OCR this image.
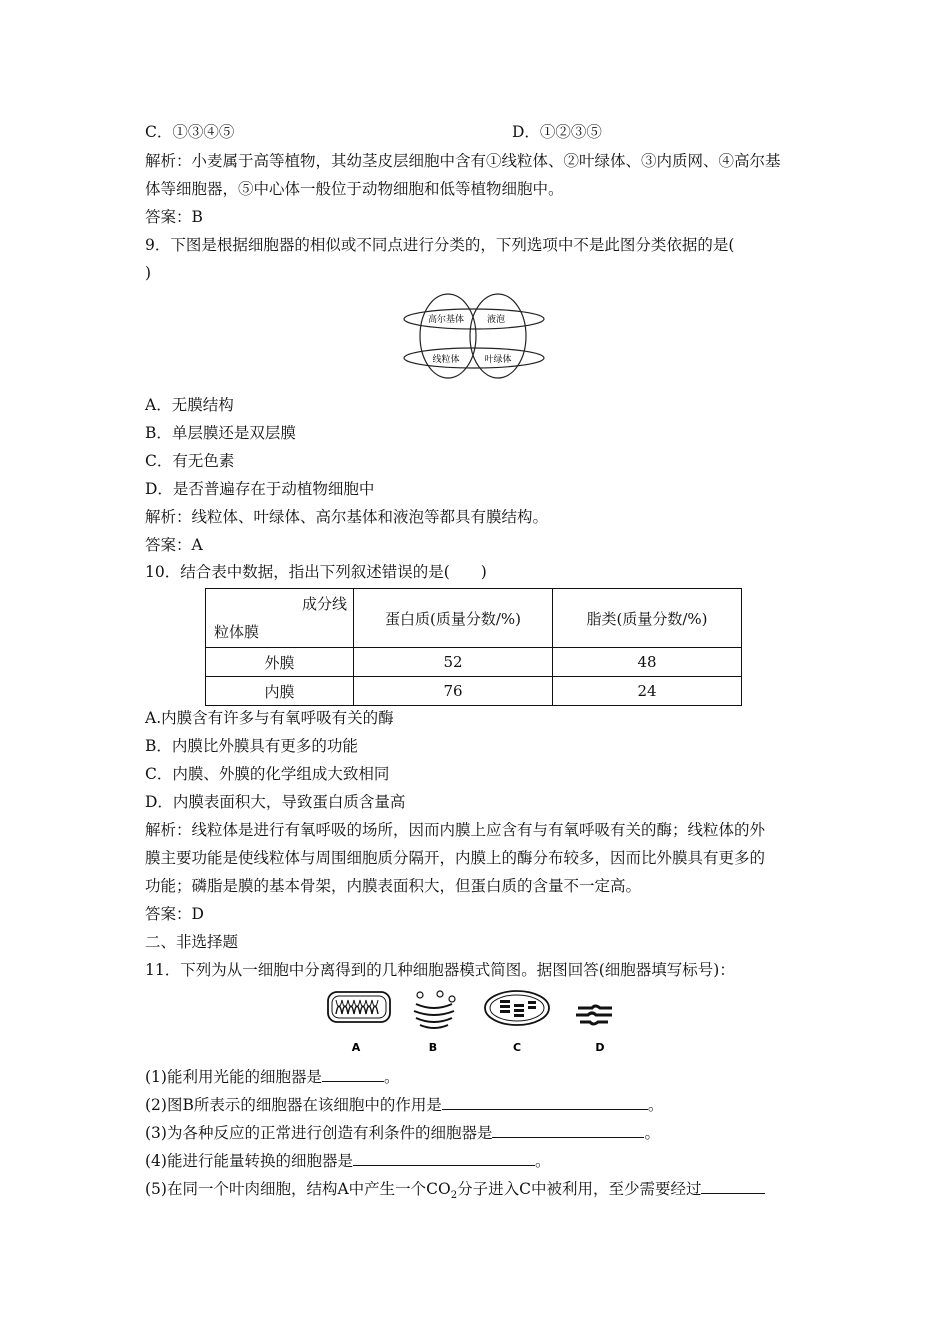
C．①③④⑤	D．①②③⑤
解析：小麦属于高等植物，其幼茎皮层细胞中含有①线粒体、②叶绿体、③内质网、④高尔基
体等细胞器，⑤中心体一般位于动物细胞和低等植物细胞中。
答案：B
9．下图是根据细胞器的相似或不同点进行分类的，下列选项中不是此图分类依据的是(
)
高尔基体	液泡
线粒体	叶绿体
A．无膜结构
B．单层膜还是双层膜
C．有无色素
D．是否普遍存在于动植物细胞中
解析：线粒体、叶绿体、高尔基体和液泡等都具有膜结构。
答案：A
10．结合表中数据，指出下列叙述错误的是(　　)
成分线
粒体膜	蛋白质(质量分数/%)	脂类(质量分数/%)
外膜	52	48
内膜	76	24
A.内膜含有许多与有氧呼吸有关的酶
B．内膜比外膜具有更多的功能
C．内膜、外膜的化学组成大致相同
D．内膜表面积大，导致蛋白质含量高
解析：线粒体是进行有氧呼吸的场所，因而内膜上应含有与有氧呼吸有关的酶；线粒体的外
膜主要功能是使线粒体与周围细胞质分隔开，内膜上的酶分布较多，因而比外膜具有更多的
功能；磷脂是膜的基本骨架，内膜表面积大，但蛋白质的含量不一定高。
答案：D
二、非选择题
11．下列为从一细胞中分离得到的几种细胞器模式简图。据图回答(细胞器填写标号)：
A	B	C	D
(1)能利用光能的细胞器是	。
(2)图B所表示的细胞器在该细胞中的作用是	。
(3)为各种反应的正常进行创造有利条件的细胞器是	。
(4)能进行能量转换的细胞器是	。
(5)在同一个叶肉细胞，结构A中产生一个$CO_2$分子进入C中被利用，至少需要经过
